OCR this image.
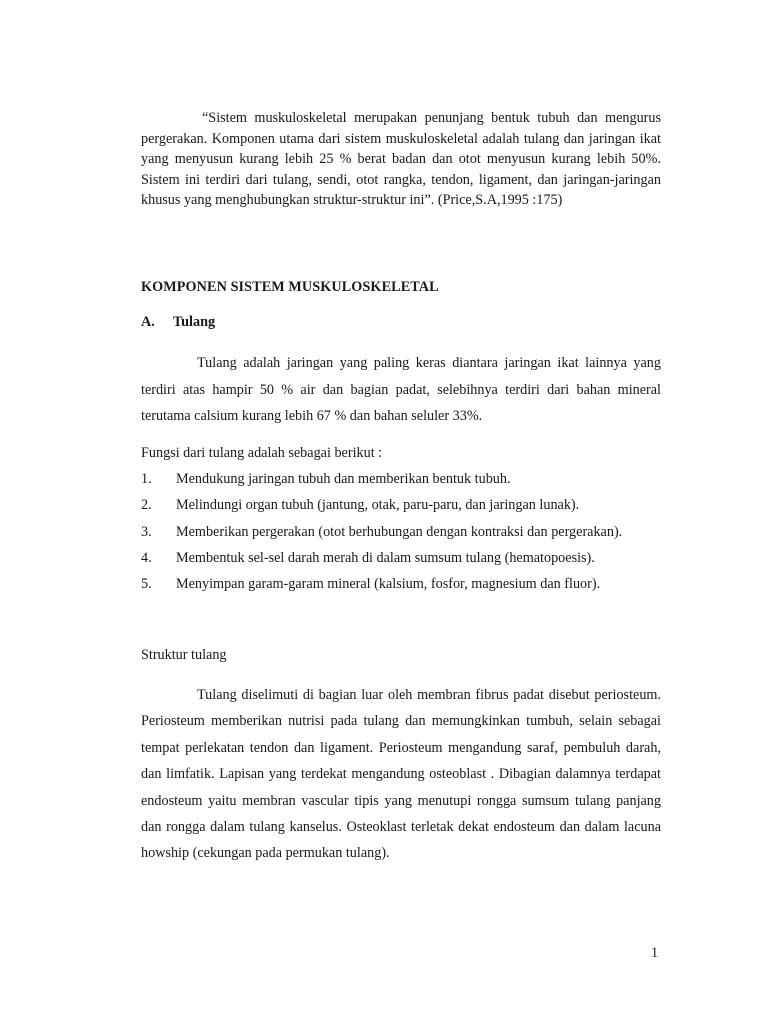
“Sistem muskuloskeletal merupakan penunjang bentuk tubuh dan mengurus pergerakan. Komponen utama dari sistem muskuloskeletal adalah tulang dan jaringan ikat yang menyusun kurang lebih 25 % berat badan dan otot menyusun kurang lebih 50%. Sistem ini terdiri dari tulang, sendi, otot rangka, tendon, ligament, dan jaringan-jaringan khusus yang menghubungkan struktur-struktur ini”. (Price,S.A,1995 :175)
KOMPONEN SISTEM MUSKULOSKELETAL
A. Tulang
Tulang adalah jaringan yang paling keras diantara jaringan ikat lainnya yang terdiri atas hampir 50 % air dan bagian padat, selebihnya terdiri dari bahan mineral terutama calsium kurang lebih 67 % dan bahan seluler 33%.
Fungsi dari tulang adalah sebagai berikut :
1. Mendukung jaringan tubuh dan memberikan bentuk tubuh.
2. Melindungi organ tubuh (jantung, otak, paru-paru, dan jaringan lunak).
3. Memberikan pergerakan (otot berhubungan dengan kontraksi dan pergerakan).
4. Membentuk sel-sel darah merah di dalam sumsum tulang (hematopoesis).
5. Menyimpan garam-garam mineral (kalsium, fosfor, magnesium dan fluor).
Struktur tulang
Tulang diselimuti di bagian luar oleh membran fibrus padat disebut periosteum. Periosteum memberikan nutrisi pada tulang dan memungkinkan tumbuh, selain sebagai tempat perlekatan tendon dan ligament. Periosteum mengandung saraf, pembuluh darah, dan limfatik. Lapisan yang terdekat mengandung osteoblast . Dibagian dalamnya terdapat endosteum yaitu membran vascular tipis yang menutupi rongga sumsum tulang panjang dan rongga dalam tulang kanselus. Osteoklast terletak dekat endosteum dan dalam lacuna howship (cekungan pada permukan tulang).
1
